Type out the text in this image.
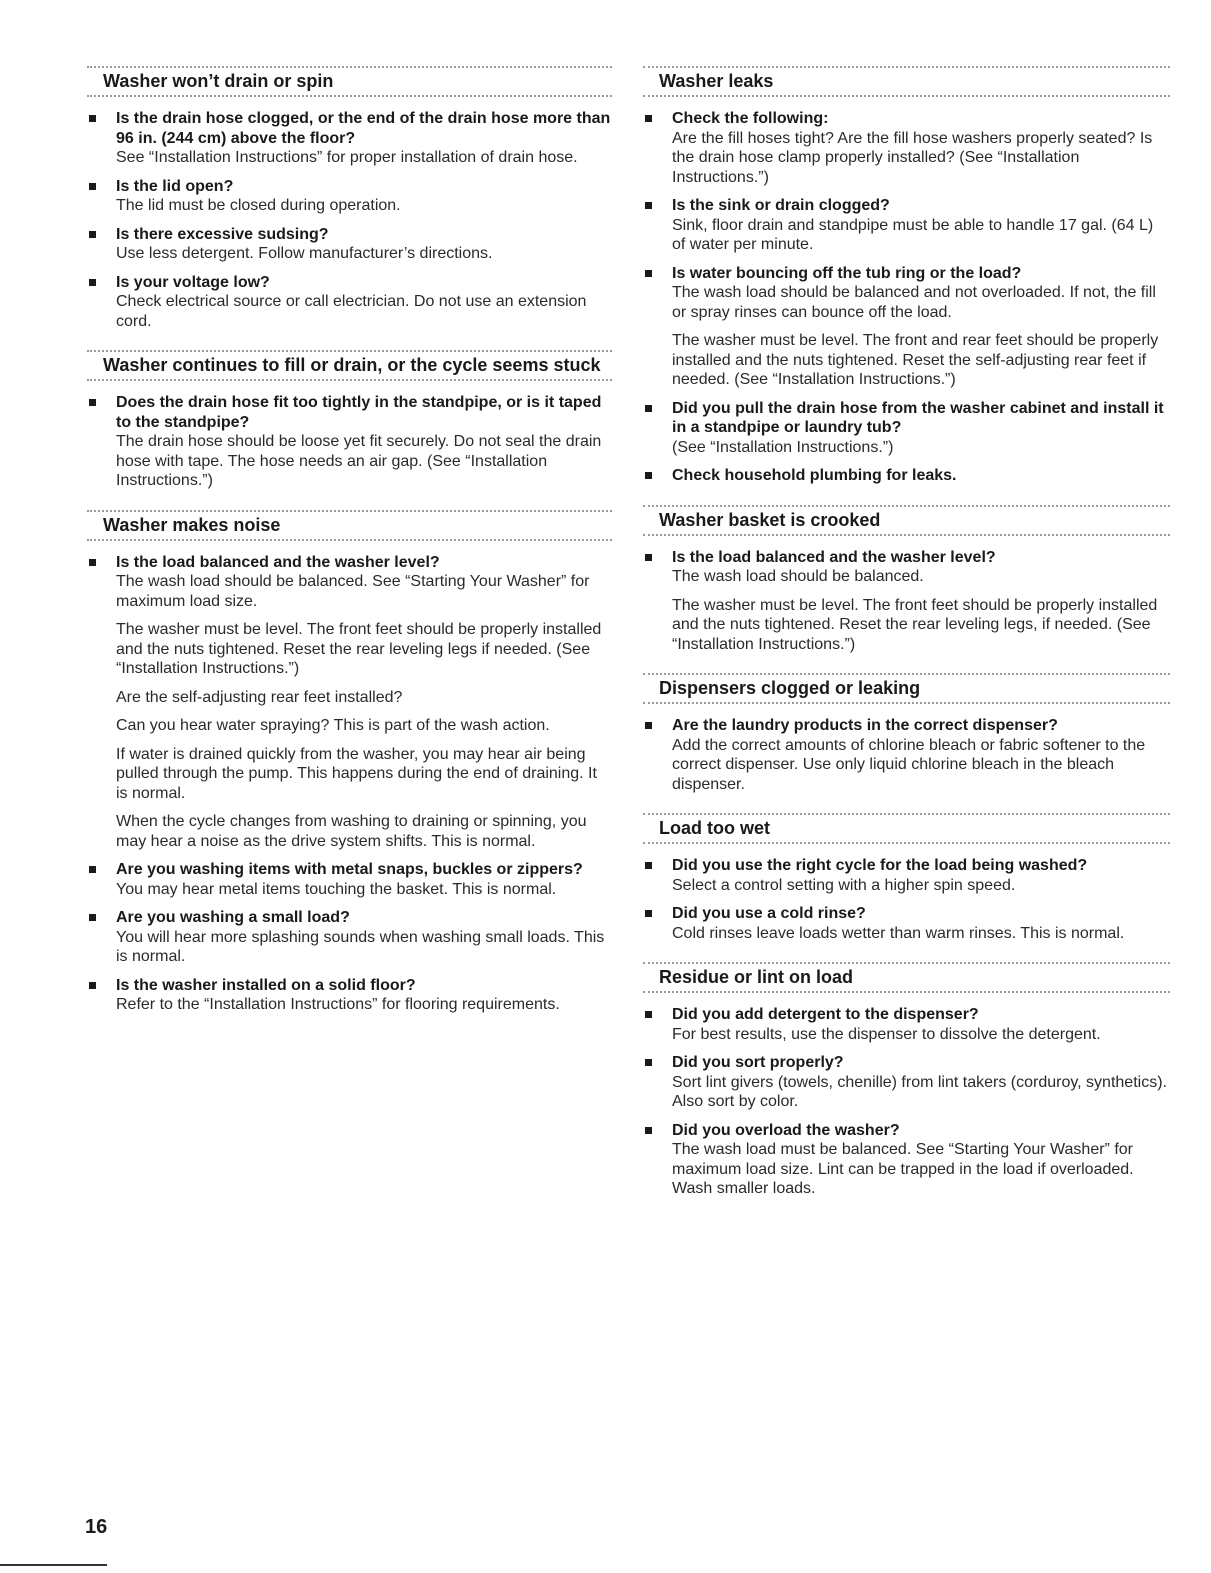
Washer won’t drain or spin
Is the drain hose clogged, or the end of the drain hose more than 96 in. (244 cm) above the floor?

See “Installation Instructions” for proper installation of drain hose.

Is the lid open?

The lid must be closed during operation.

Is there excessive sudsing?

Use less detergent. Follow manufacturer’s directions.

Is your voltage low?

Check electrical source or call electrician. Do not use an extension cord.

Washer continues to fill or drain, or the cycle seems stuck
Does the drain hose fit too tightly in the standpipe, or is it taped to the standpipe?

The drain hose should be loose yet fit securely. Do not seal the drain hose with tape. The hose needs an air gap. (See “Installation Instructions.”)

Washer makes noise
Is the load balanced and the washer level?

The wash load should be balanced. See “Starting Your Washer” for maximum load size.

The washer must be level. The front feet should be properly installed and the nuts tightened. Reset the rear leveling legs if needed. (See “Installation Instructions.”)

Are the self-adjusting rear feet installed?

Can you hear water spraying? This is part of the wash action.

If water is drained quickly from the washer, you may hear air being pulled through the pump. This happens during the end of draining. It is normal.

When the cycle changes from washing to draining or spinning, you may hear a noise as the drive system shifts. This is normal.

Are you washing items with metal snaps, buckles or zippers?

You may hear metal items touching the basket. This is normal.

Are you washing a small load?

You will hear more splashing sounds when washing small loads. This is normal.

Is the washer installed on a solid floor?

Refer to the “Installation Instructions” for flooring requirements.

Washer leaks
Check the following:

Are the fill hoses tight? Are the fill hose washers properly seated? Is the drain hose clamp properly installed? (See “Installation Instructions.”)

Is the sink or drain clogged?

Sink, floor drain and standpipe must be able to handle 17 gal. (64 L) of water per minute.

Is water bouncing off the tub ring or the load?

The wash load should be balanced and not overloaded. If not, the fill or spray rinses can bounce off the load.

The washer must be level. The front and rear feet should be properly installed and the nuts tightened. Reset the self-adjusting rear feet if needed. (See “Installation Instructions.”)

Did you pull the drain hose from the washer cabinet and install it in a standpipe or laundry tub?

(See “Installation Instructions.”)

Check household plumbing for leaks.
Washer basket is crooked
Is the load balanced and the washer level?

The wash load should be balanced.

The washer must be level. The front feet should be properly installed and the nuts tightened. Reset the rear leveling legs, if needed. (See “Installation Instructions.”)

Dispensers clogged or leaking
Are the laundry products in the correct dispenser?

Add the correct amounts of chlorine bleach or fabric softener to the correct dispenser. Use only liquid chlorine bleach in the bleach dispenser.

Load too wet
Did you use the right cycle for the load being washed?

Select a control setting with a higher spin speed.

Did you use a cold rinse?

Cold rinses leave loads wetter than warm rinses. This is normal.

Residue or lint on load
Did you add detergent to the dispenser?

For best results, use the dispenser to dissolve the detergent.

Did you sort properly?

Sort lint givers (towels, chenille) from lint takers (corduroy, synthetics). Also sort by color.

Did you overload the washer?

The wash load must be balanced. See “Starting Your Washer” for maximum load size. Lint can be trapped in the load if overloaded. Wash smaller loads.

16
